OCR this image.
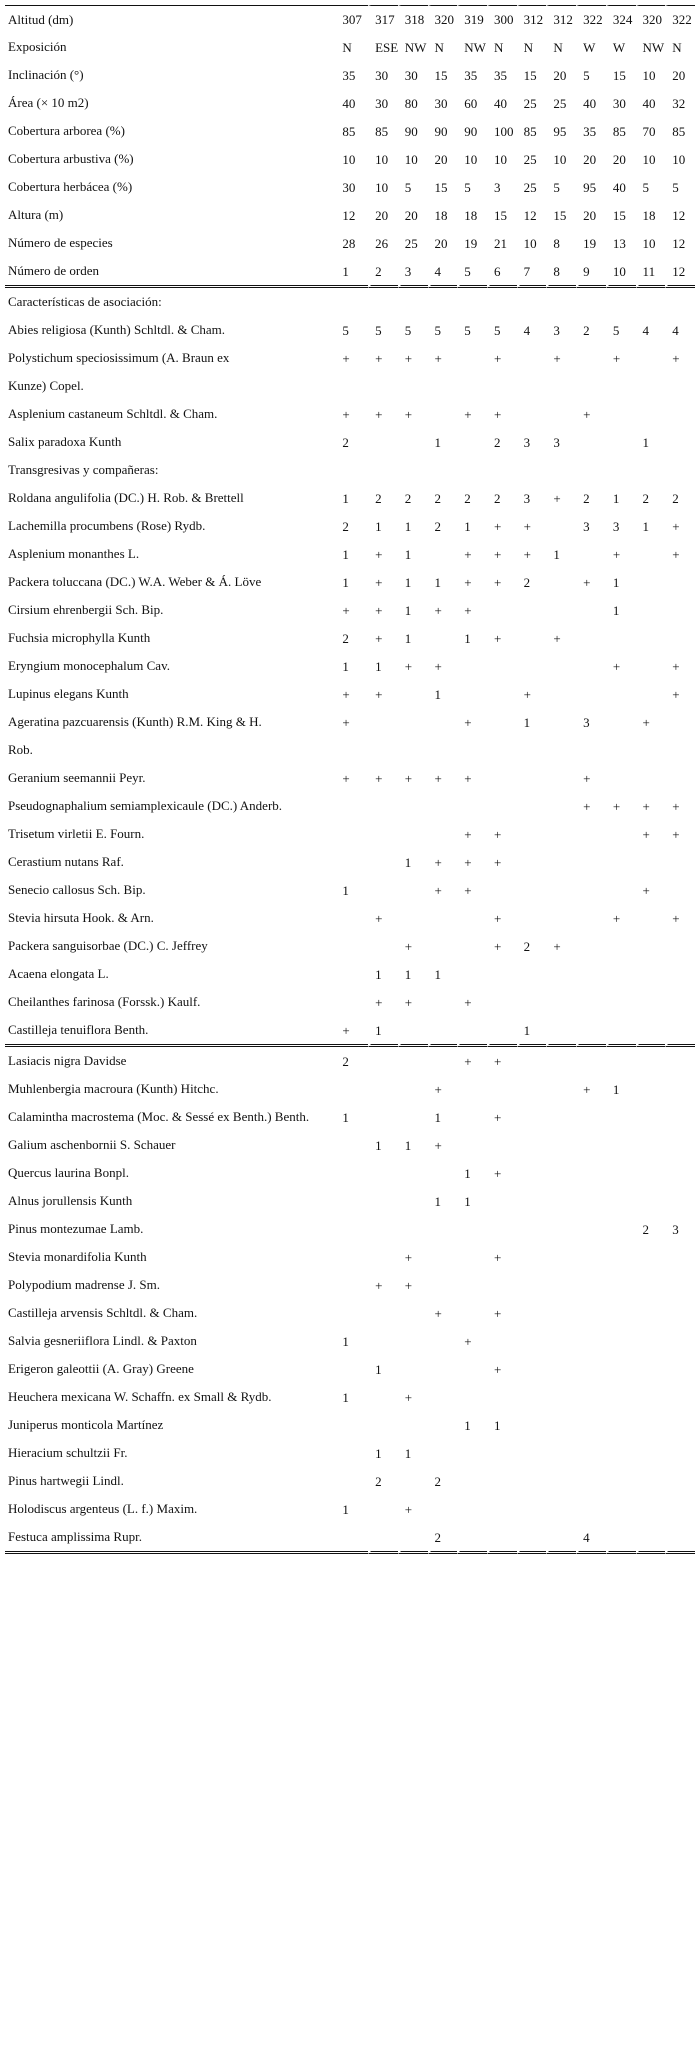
Altitud (dm)	307	317	318	320	319	300	312	312	322	324	320	322
Exposición	N	ESE	NW	N	NW	N	N	N	W	W	NW	N
Inclinación (°)	35	30	30	15	35	35	15	20	5	15	10	20
Área (× 10 m2)	40	30	80	30	60	40	25	25	40	30	40	32
Cobertura arborea (%)	85	85	90	90	90	100	85	95	35	85	70	85
Cobertura arbustiva (%)	10	10	10	20	10	10	25	10	20	20	10	10
Cobertura herbácea (%)	30	10	5	15	5	3	25	5	95	40	5	5
Altura (m)	12	20	20	18	18	15	12	15	20	15	18	12
Número de especies	28	26	25	20	19	21	10	8	19	13	10	12
Número de orden	1	2	3	4	5	6	7	8	9	10	11	12
Características de asociación:												
Abies religiosa (Kunth) Schltdl. & Cham.	5	5	5	5	5	5	4	3	2	5	4	4
Polystichum speciosissimum (A. Braun ex	+	+	+	+		+		+		+		+
Kunze) Copel.												
Asplenium castaneum Schltdl. & Cham.	+	+	+		+	+			+			
Salix paradoxa Kunth	2			1		2	3	3			1	
Transgresivas y compañeras:												
Roldana angulifolia (DC.) H. Rob. & Brettell	1	2	2	2	2	2	3	+	2	1	2	2
Lachemilla procumbens (Rose) Rydb.	2	1	1	2	1	+	+		3	3	1	+
Asplenium monanthes L.	1	+	1		+	+	+	1		+		+
Packera toluccana (DC.) W.A. Weber & Á. Löve	1	+	1	1	+	+	2		+	1		
Cirsium ehrenbergii Sch. Bip.	+	+	1	+	+					1		
Fuchsia microphylla Kunth	2	+	1		1	+		+				
Eryngium monocephalum Cav.	1	1	+	+						+		+
Lupinus elegans Kunth	+	+		1			+					+
Ageratina pazcuarensis (Kunth) R.M. King & H.	+				+		1		3		+	
Rob.												
Geranium seemannii Peyr.	+	+	+	+	+				+			
Pseudognaphalium semiamplexicaule (DC.) Anderb.									+	+	+	+
Trisetum virletii E. Fourn.					+	+					+	+
Cerastium nutans Raf.			1	+	+	+						
Senecio callosus Sch. Bip.	1			+	+						+	
Stevia hirsuta Hook. & Arn.		+				+				+		+
Packera sanguisorbae (DC.) C. Jeffrey			+			+	2	+				
Acaena elongata L.		1	1	1								
Cheilanthes farinosa (Forssk.) Kaulf.		+	+		+							
Castilleja tenuiflora Benth.	+	1					1					
Lasiacis nigra Davidse	2				+	+						
Muhlenbergia macroura (Kunth) Hitchc.				+					+	1		
Calamintha macrostema (Moc. & Sessé ex Benth.) Benth.	1			1		+						
Galium aschenbornii S. Schauer		1	1	+								
Quercus laurina Bonpl.					1	+						
Alnus jorullensis Kunth				1	1							
Pinus montezumae Lamb.											2	3
Stevia monardifolia Kunth			+			+						
Polypodium madrense J. Sm.		+	+									
Castilleja arvensis Schltdl. & Cham.				+		+						
Salvia gesneriiflora Lindl. & Paxton	1				+							
Erigeron galeottii (A. Gray) Greene		1				+						
Heuchera mexicana W. Schaffn. ex Small & Rydb.	1		+									
Juniperus monticola Martínez					1	1						
Hieracium schultzii Fr.		1	1									
Pinus hartwegii Lindl.		2		2								
Holodiscus argenteus (L. f.) Maxim.	1		+									
Festuca amplissima Rupr.				2					4			
